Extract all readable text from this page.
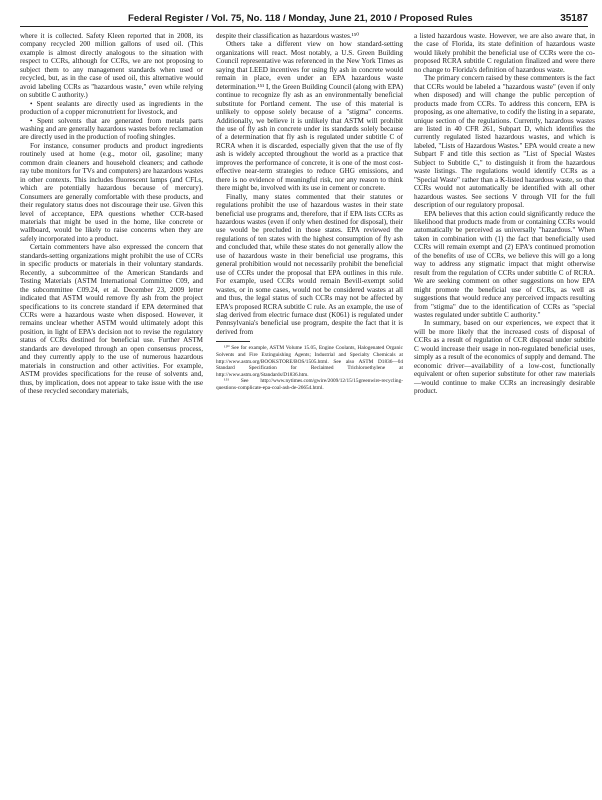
Federal Register / Vol. 75, No. 118 / Monday, June 21, 2010 / Proposed Rules	35187

where it is collected. Safety Kleen reported that in 2008, its company recycled 200 million gallons of used oil. (This example is almost directly analogous to the situation with respect to CCRs, although for CCRs, we are not proposing to subject them to any management standards when used or recycled, but, as in the case of used oil, this alternative would avoid labeling CCRs as "hazardous waste," even while relying on subtitle C authority.)

• Spent sealants are directly used as ingredients in the production of a copper micronutrient for livestock, and

• Spent solvents that are generated from metals parts washing and are generally hazardous wastes before reclamation are directly used in the production of roofing shingles.

For instance, consumer products and product ingredients routinely used at home (e.g., motor oil, gasoline; many common drain cleaners and household cleaners; and cathode ray tube monitors for TVs and computers) are hazardous wastes in other contexts. This includes fluorescent lamps (and CFLs, which are potentially hazardous because of mercury). Consumers are generally comfortable with these products, and their regulatory status does not discourage their use. Given this level of acceptance, EPA questions whether CCR-based materials that might be used in the home, like concrete or wallboard, would be likely to raise concerns when they are safely incorporated into a product.

Certain commenters have also expressed the concern that standards-setting organizations might prohibit the use of CCRs in specific products or materials in their voluntary standards. Recently, a subcommittee of the American Standards and Testing Materials (ASTM International Committee C09, and the subcommittee C09.24, et al. December 23, 2009 letter indicated that ASTM would remove fly ash from the project specifications to its concrete standard if EPA determined that CCRs were a hazardous waste when disposed. However, it remains unclear whether ASTM would ultimately adopt this position, in light of EPA's decision not to revise the regulatory status of CCRs destined for beneficial use. Further ASTM standards are developed through an open consensus process, and they currently apply to the use of numerous hazardous materials in construction and other activities. For example, ASTM provides specifications for the reuse of solvents and, thus, by implication, does not appear to take issue with the use of these recycled secondary materials,

despite their classification as hazardous wastes.¹⁵⁰

Others take a different view on how standard-setting organizations will react. Most notably, a U.S. Green Building Council representative was referenced in the New York Times as saying that LEED incentives for using fly ash in concrete would remain in place, even under an EPA hazardous waste determination.¹⁵¹ I, the Green Building Council (along with EPA) continue to recognize fly ash as an environmentally beneficial substitute for Portland cement. The use of this material is unlikely to oppose solely because of a "stigma" concerns. Additionally, we believe it is unlikely that ASTM will prohibit the use of fly ash in concrete under its standards solely because of a determination that fly ash is regulated under subtitle C of RCRA when it is discarded, especially given that the use of fly ash is widely accepted throughout the world as a practice that improves the performance of concrete, it is one of the most cost-effective near-term strategies to reduce GHG emissions, and there is no evidence of meaningful risk, nor any reason to think there might be, involved with its use in cement or concrete.

Finally, many states commented that their statutes or regulations prohibit the use of hazardous wastes in their state beneficial use programs and, therefore, that if EPA lists CCRs as hazardous wastes (even if only when destined for disposal), their use would be precluded in those states. EPA reviewed the regulations of ten states with the highest consumption of fly ash and concluded that, while these states do not generally allow the use of hazardous waste in their beneficial use programs, this general prohibition would not necessarily prohibit the beneficial use of CCRs under the proposal that EPA outlines in this rule. For example, used CCRs would remain Bevill-exempt solid wastes, or in some cases, would not be considered wastes at all and thus, the legal status of such CCRs may not be affected by EPA's proposed RCRA subtitle C rule. As an example, the use of slag derived from electric furnace dust (K061) is regulated under Pennsylvania's beneficial use program, despite the fact that it is derived from

¹⁵⁰ See for example, ASTM Volume 15.05, Engine Coolants, Halogenated Organic Solvents and Fire Extinguishing Agents; Industrial and Specialty Chemicals at http://www.astm.org/BOOKSTORE/BOS/1505.html. See also ASTM D1836—04 Standard Specification for Reclaimed Trichloroethylene at http://www.astm.org/Standards/D1836.htm.

¹⁵¹ See http://www.nytimes.com/gwire/2009/12/15/15greenwire-recycling-questions-complicate-epa-coal-ash-de-26654.html.

a listed hazardous waste. However, we are also aware that, in the case of Florida, its state definition of hazardous waste would likely prohibit the beneficial use of CCRs were the co-proposed RCRA subtitle C regulation finalized and were there no change to Florida's definition of hazardous waste.

The primary concern raised by these commenters is the fact that CCRs would be labeled a "hazardous waste" (even if only when disposed) and will change the public perception of products made from CCRs. To address this concern, EPA is proposing, as one alternative, to codify the listing in a separate, unique section of the regulations. Currently, hazardous wastes are listed in 40 CFR 261, Subpart D, which identifies the currently regulated listed hazardous wastes, and which is labeled, "Lists of Hazardous Wastes." EPA would create a new Subpart F and title this section as "List of Special Wastes Subject to Subtitle C," to distinguish it from the hazardous waste listings. The regulations would identify CCRs as a "Special Waste" rather than a K-listed hazardous waste, so that CCRs would not automatically be identified with all other hazardous wastes. See sections V through VII for the full description of our regulatory proposal.

EPA believes that this action could significantly reduce the likelihood that products made from or containing CCRs would automatically be perceived as universally "hazardous." When taken in combination with (1) the fact that beneficially used CCRs will remain exempt and (2) EPA's continued promotion of the benefits of use of CCRs, we believe this will go a long way to address any stigmatic impact that might otherwise result from the regulation of CCRs under subtitle C of RCRA. We are seeking comment on other suggestions on how EPA might promote the beneficial use of CCRs, as well as suggestions that would reduce any perceived impacts resulting from "stigma" due to the identification of CCRs as "special wastes regulated under subtitle C authority."

In summary, based on our experiences, we expect that it will be more likely that the increased costs of disposal of CCRs as a result of regulation of CCR disposal under subtitle C would increase their usage in non-regulated beneficial uses, simply as a result of the economics of supply and demand. The economic driver—availability of a low-cost, functionally equivalent or often superior substitute for other raw materials—would continue to make CCRs an increasingly desirable product.
